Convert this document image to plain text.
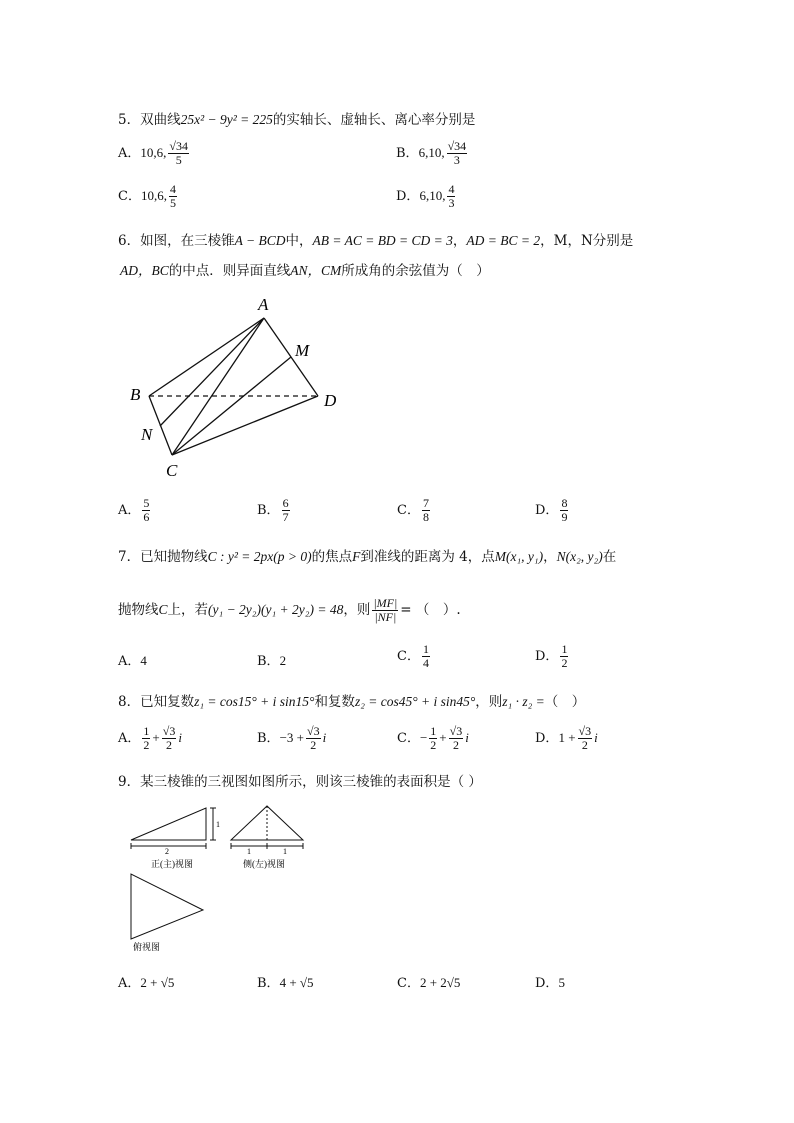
5．双曲线25x² − 9y² = 225的实轴长、虚轴长、离心率分别是
A．10,6, $\frac{√34}{5}$	B．6,10, $\frac{√34}{3}$
C．10,6, $\frac{4}{5}$	D．6,10, $\frac{4}{3}$
6．如图，在三棱锥A − BCD中，AB = AC = BD = CD = 3，AD = BC = 2，M，N分别是
AD，BC的中点．则异面直线AN，CM所成角的余弦值为（　）
A
B
C
D
M
N
A． $\frac{5}{6}$	B． $\frac{6}{7}$	C． $\frac{7}{8}$	D． $\frac{8}{9}$
7．已知抛物线C : y² = 2px(p > 0)的焦点F到准线的距离为 4，点M(x₁, y₁)，N(x₂, y₂)在
抛物线C上，若(y₁ − 2y₂)(y₁ + 2y₂) = 48，则 $\frac{|MF|}{|NF|}$ = （　）.
A．4	B．2	C． $\frac{1}{4}$	D． $\frac{1}{2}$
8．已知复数z₁ = cos15° + i sin15°和复数z₂ = cos45° + i sin45°，则z₁ · z₂ =（　）
A． $\frac{1}{2} + \frac{√3}{2}$ i	B．$-3 + \frac{√3}{2}$ i	C．− $\frac{1}{2} + \frac{√3}{2}$ i	D．$1 + \frac{√3}{2}$ i
9．某三棱锥的三视图如图所示，则该三棱锥的表面积是（ ）
2
1
1	1
正(主)视图	侧(左)视图
俯视图
A．2 + √5	B．4 + √5	C．2 + 2√5	D．5
